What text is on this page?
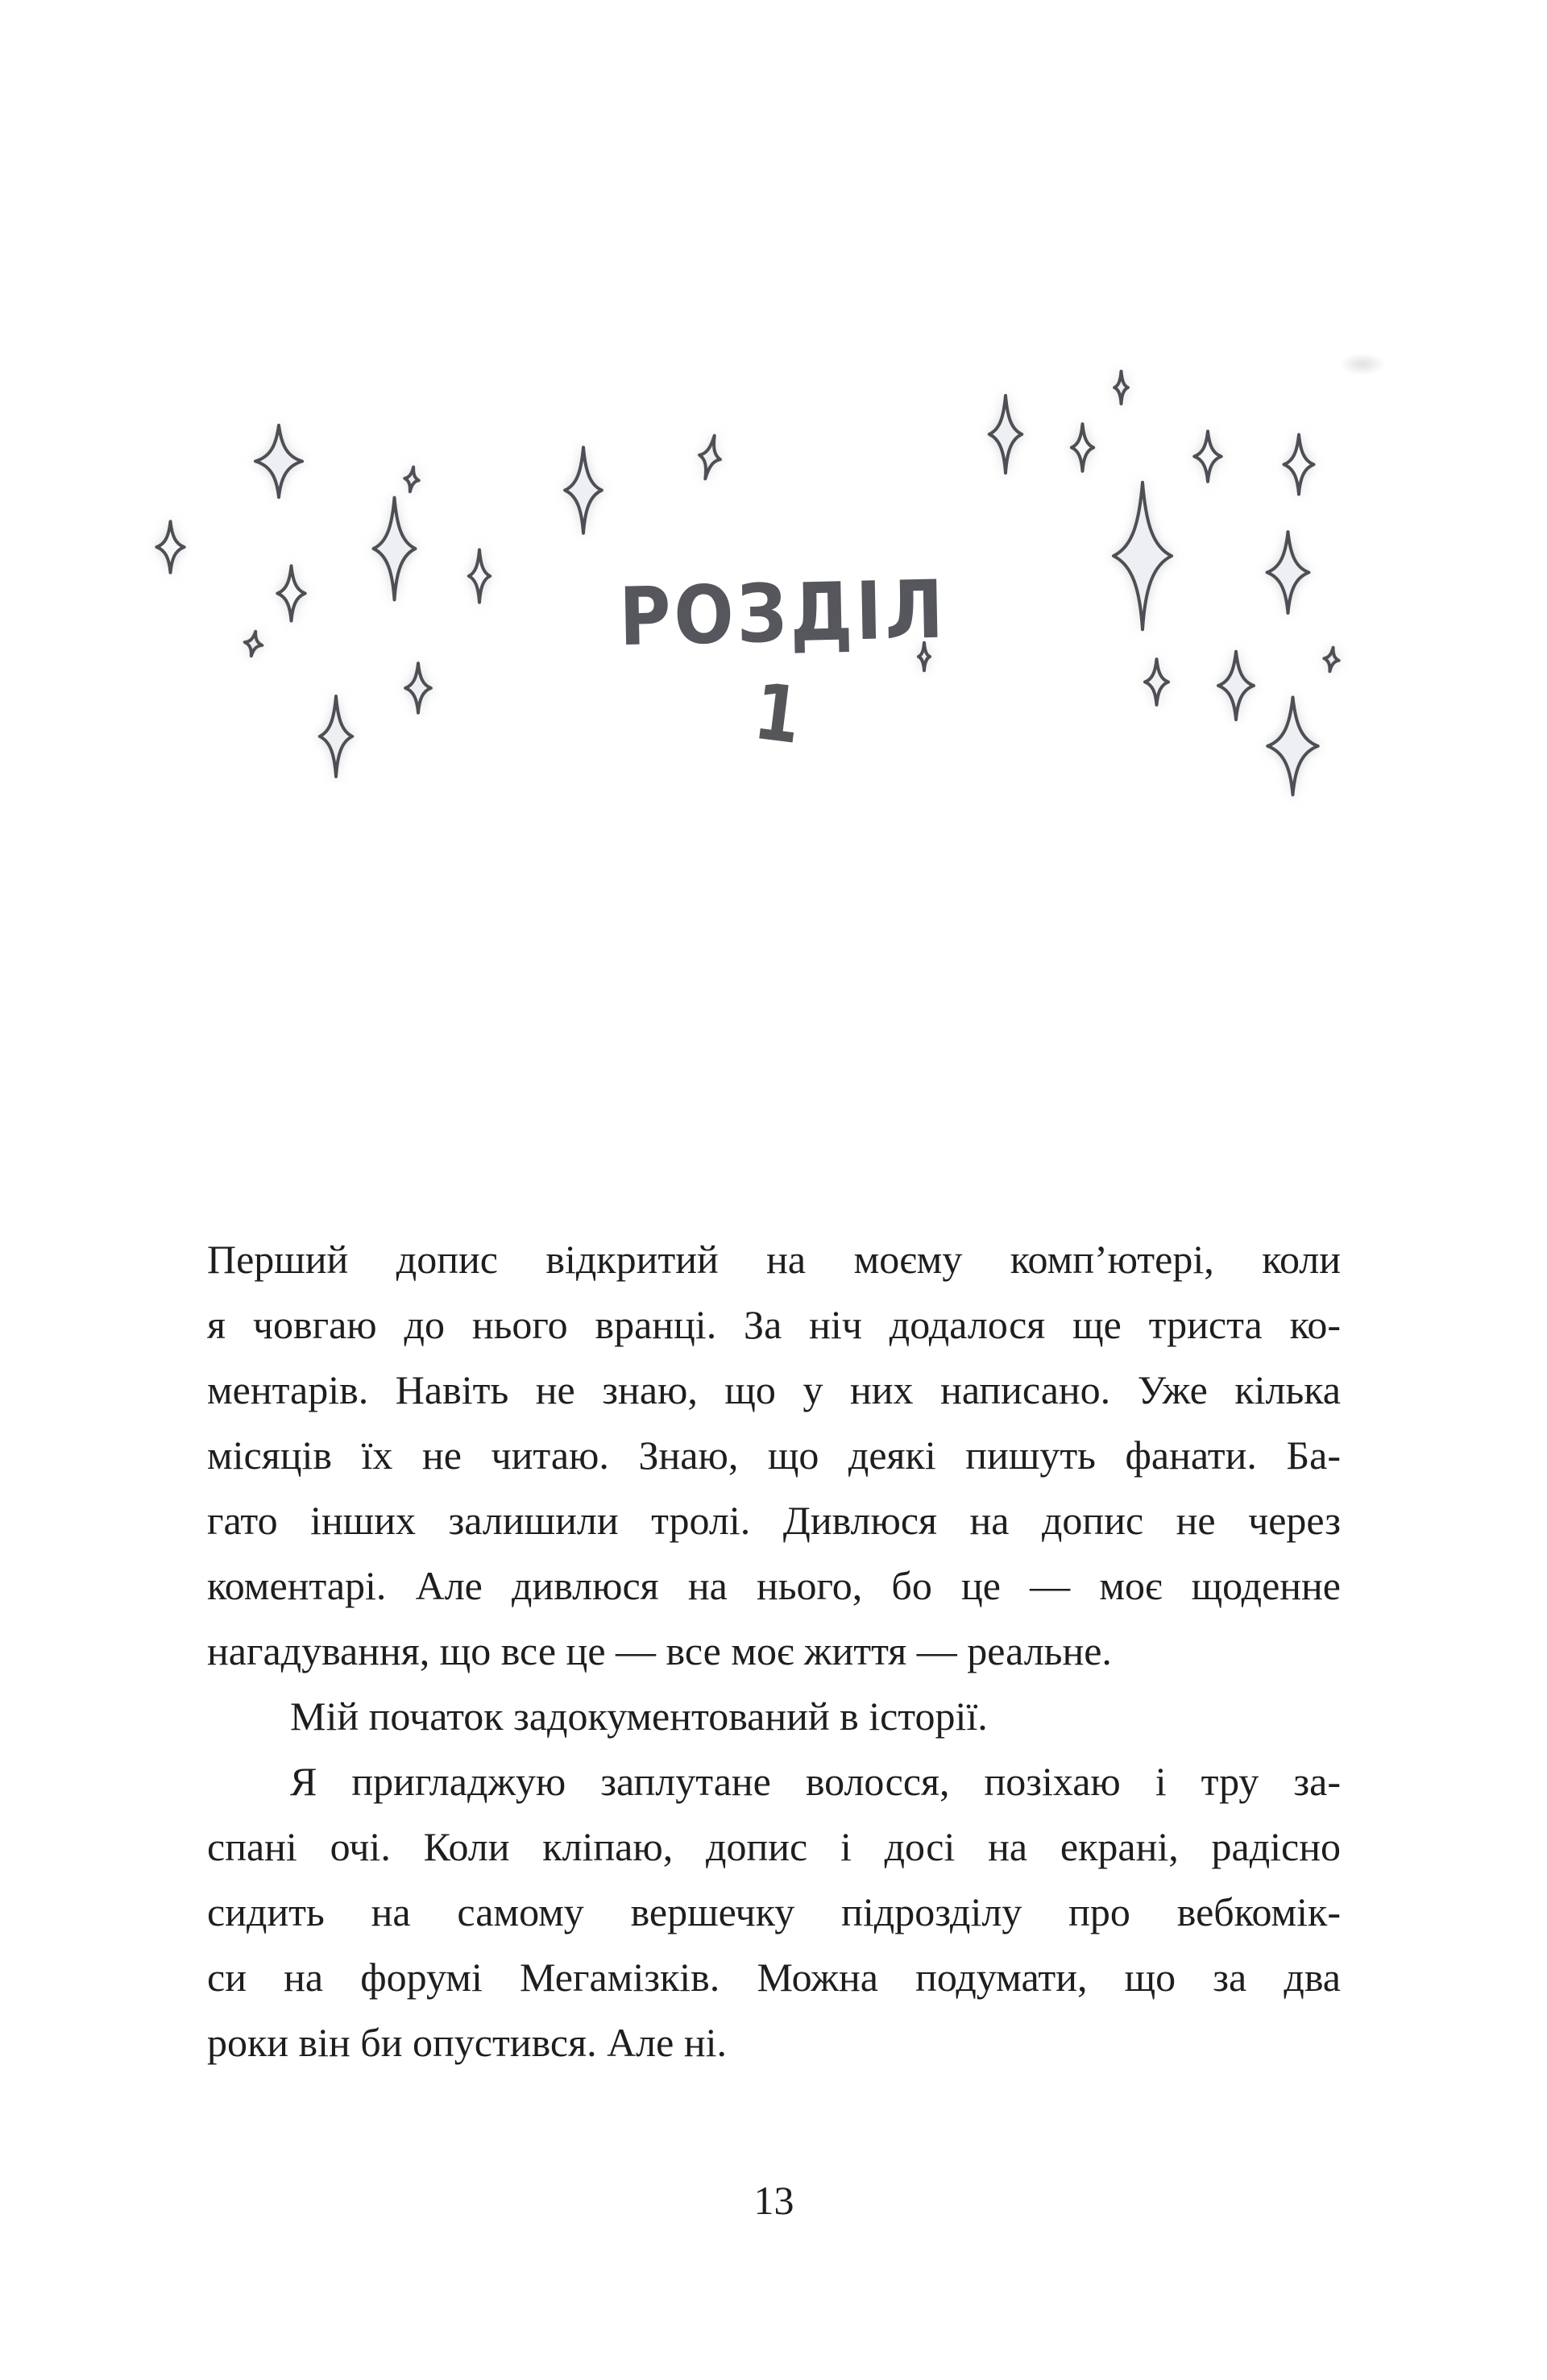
РОЗДІЛ
1
Перший допис відкритий на моєму комп’ютері, коли
я човгаю до нього вранці. За ніч додалося ще триста ко-
ментарів. Навіть не знаю, що у них написано. Уже кілька
місяців їх не читаю. Знаю, що деякі пишуть фанати. Ба-
гато інших залишили тролі. Дивлюся на допис не через
коментарі. Але дивлюся на нього, бо це — моє щоденне
нагадування, що все це — все моє життя — реальне.
Мій початок задокументований в історії.
Я пригладжую заплутане волосся, позіхаю і тру за-
спані очі. Коли кліпаю, допис і досі на екрані, радісно
сидить на самому вершечку підрозділу про вебкомік-
си на форумі Мегамізків. Можна подумати, що за два
роки він би опустився. Але ні.
13
